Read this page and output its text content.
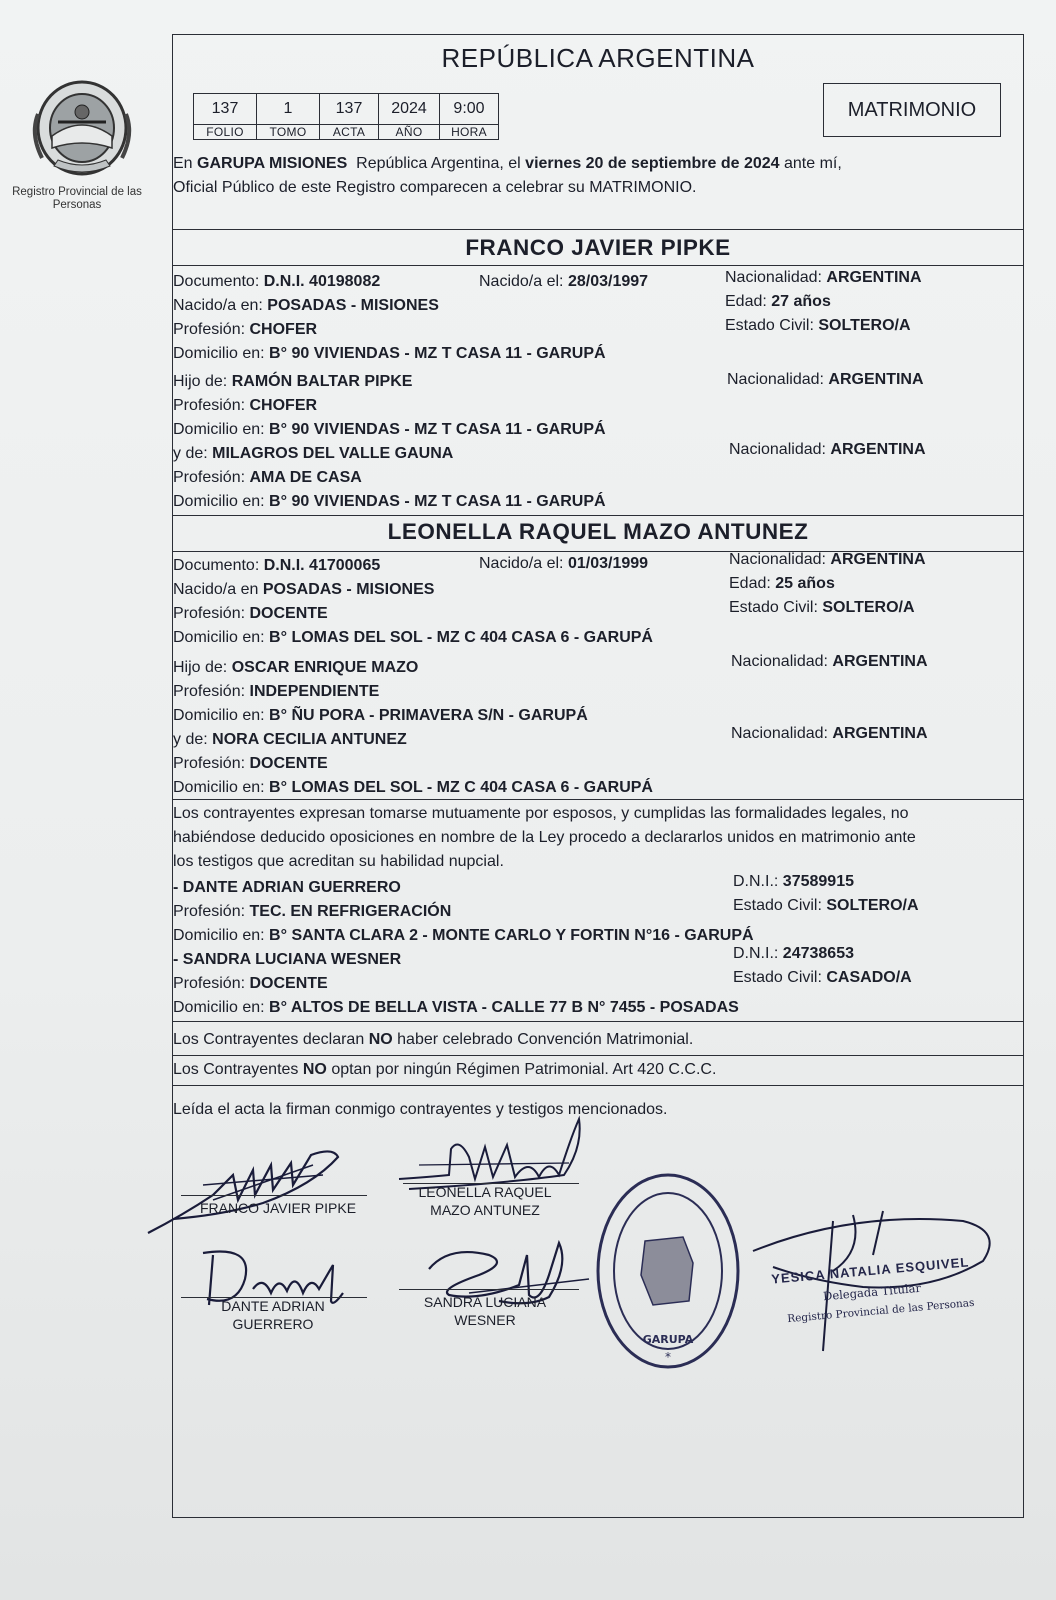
Registro Provincial de las Personas
REPÚBLICA ARGENTINA
MATRIMONIO
137	1	137	2024	9:00
FOLIO	TOMO	ACTA	AÑO	HORA
En GARUPA MISIONES República Argentina, el viernes 20 de septiembre de 2024 ante mí,
Oficial Público de este Registro comparecen a celebrar su MATRIMONIO.
FRANCO JAVIER PIPKE
Documento: D.N.I. 40198082	Nacido/a el: 28/03/1997	Nacionalidad: ARGENTINA
Nacido/a en: POSADAS - MISIONES	Edad: 27 años
Profesión: CHOFER	Estado Civil: SOLTERO/A
Domicilio en: B° 90 VIVIENDAS - MZ T CASA 11 - GARUPÁ
Hijo de: RAMÓN BALTAR PIPKE	Nacionalidad: ARGENTINA
Profesión: CHOFER
Domicilio en: B° 90 VIVIENDAS - MZ T CASA 11 - GARUPÁ
y de: MILAGROS DEL VALLE GAUNA	Nacionalidad: ARGENTINA
Profesión: AMA DE CASA
Domicilio en: B° 90 VIVIENDAS - MZ T CASA 11 - GARUPÁ
LEONELLA RAQUEL MAZO ANTUNEZ
Documento: D.N.I. 41700065	Nacido/a el: 01/03/1999	Nacionalidad: ARGENTINA
Nacido/a en POSADAS - MISIONES	Edad: 25 años
Profesión: DOCENTE	Estado Civil: SOLTERO/A
Domicilio en: B° LOMAS DEL SOL - MZ C 404 CASA 6 - GARUPÁ
Hijo de: OSCAR ENRIQUE MAZO	Nacionalidad: ARGENTINA
Profesión: INDEPENDIENTE
Domicilio en: B° ÑU PORA - PRIMAVERA S/N - GARUPÁ
y de: NORA CECILIA ANTUNEZ	Nacionalidad: ARGENTINA
Profesión: DOCENTE
Domicilio en: B° LOMAS DEL SOL - MZ C 404 CASA 6 - GARUPÁ
Los contrayentes expresan tomarse mutuamente por esposos, y cumplidas las formalidades legales, no
habiéndose deducido oposiciones en nombre de la Ley procedo a declararlos unidos en matrimonio ante
los testigos que acreditan su habilidad nupcial.
- DANTE ADRIAN GUERRERO	D.N.I.: 37589915
Profesión: TEC. EN REFRIGERACIÓN	Estado Civil: SOLTERO/A
Domicilio en: B° SANTA CLARA 2 - MONTE CARLO Y FORTIN N°16 - GARUPÁ
- SANDRA LUCIANA WESNER	D.N.I.: 24738653
Profesión: DOCENTE	Estado Civil: CASADO/A
Domicilio en: B° ALTOS DE BELLA VISTA - CALLE 77 B N° 7455 - POSADAS
Los Contrayentes declaran NO haber celebrado Convención Matrimonial.
Los Contrayentes NO optan por ningún Régimen Patrimonial. Art 420 C.C.C.
Leída el acta la firman conmigo contrayentes y testigos mencionados.
FRANCO JAVIER PIPKE
LEONELLA RAQUEL
MAZO ANTUNEZ
DANTE ADRIAN
GUERRERO
SANDRA LUCIANA
WESNER
*
GARUPA
YESICA NATALIA ESQUIVEL
Delegada Titular
Registro Provincial de las Personas
